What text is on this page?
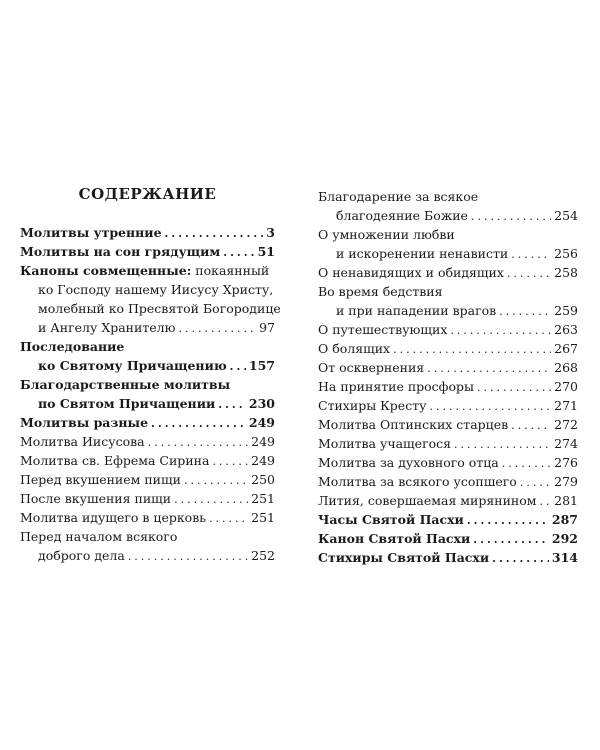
СОДЕРЖАНИЕ
Молитвы утренние .....	3
Молитвы на сон грядущим .....	51
Каноны совмещенные: покаянный
ко Господу нашему Иисусу Христу,
молебный ко Пресвятой Богородице
и Ангелу Хранителю .....	97
Последование
ко Святому Причащению ..... 157
Благодарственные молитвы
по Святом Причащении .....	230
Молитвы разные .....	249
Молитва Иисусова .....	249
Молитва св. Ефрема Сирина .....	249
Перед вкушением пищи .....	250
После вкушения пищи .....	251
Молитва идущего в церковь .....	251
Перед началом всякого
доброго дела .....	252
Благодарение за всякое
благодеяние Божие .....	254
О умножении любви
и искоренении ненависти .....	256
О ненавидящих и обидящих .....	258
Во время бедствия
и при нападении врагов .....	259
О путешествующих .....	263
О болящих .....	267
От осквернения .....	268
На принятие просфоры .....	270
Стихиры Кресту .....	271
Молитва Оптинских старцев .....	272
Молитва учащегося .....	274
Молитва за духовного отца .....	276
Молитва за всякого усопшего .....	279
Лития, совершаемая мирянином ..... 281
Часы Святой Пасхи .....	287
Канон Святой Пасхи .....	292
Стихиры Святой Пасхи .....	314
